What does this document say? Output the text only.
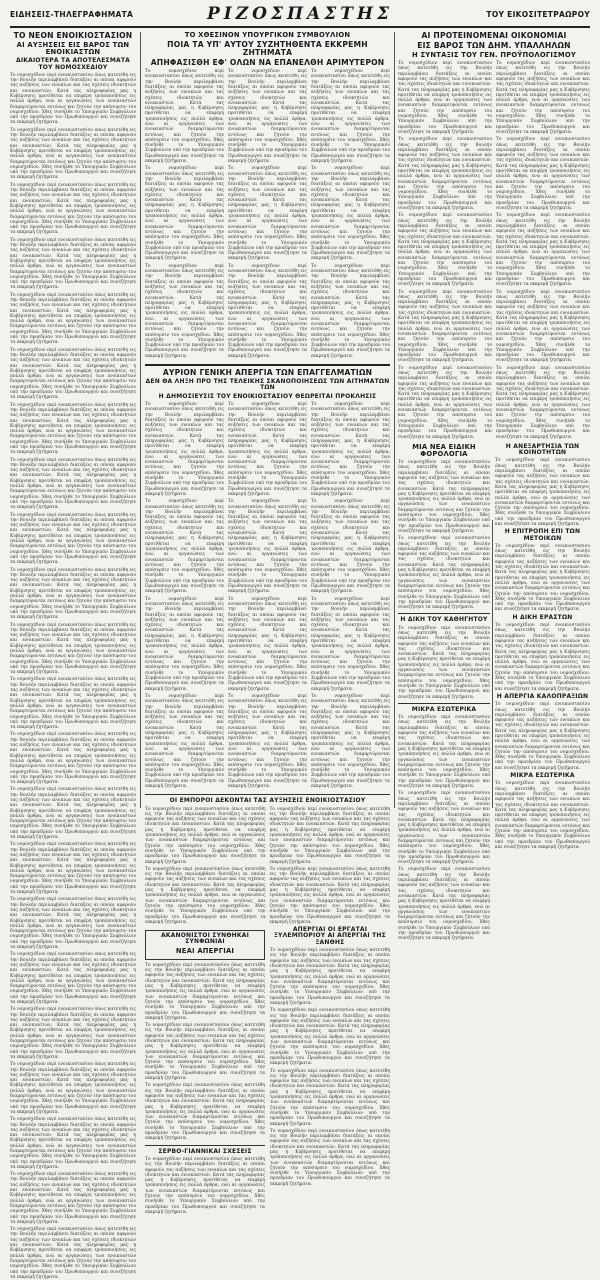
ΕΙΔΗΣΕΙΣ-ΤΗΛΕΓΡΑΦΗΜΑΤΑ	ΡΙΖΟΣΠΑΣΤΗΣ	ΤΟΥ ΕΙΚΟΣΙΤΕΤΡΑΩΡΟΥ
ΤΟ ΝΕΟΝ ΕΝΟΙΚΙΟΣΤΑΣΙΟΝ
ΑΙ ΑΥΞΗΣΕΙΣ ΕΙΣ ΒΑΡΟΣ ΤΩΝ ΕΝΟΙΚΙΑΣΤΩΝ
ΔΙΚΑΙΟΤΕΡΑ ΤΑ ΑΠΟΤΕΛΕΣΜΑΤΑ ΤΟΥ ΝΟΜΟΣΧΕΔΙΟΥ

Το νομοσχέδιον περί ενοικιοστασίου όπως κατετέθη εις την Βουλήν περιλαμβάνει διατάξεις αι οποίαι αφορούν τας αυξήσεις των ενοικίων και τας σχέσεις ιδιοκτητών και ενοικιαστών. Κατά τας πληροφορίας μας η Κυβέρνησις προτίθεται να επιφέρη τροποποιήσεις εις πολλά άρθρα, ενώ αι οργανώσεις των ενοικιαστών διαμαρτύρονται εντόνως και ζητούν την απόσυρσιν του νομοσχεδίου. Χθες συνήλθε το Υπουργικόν Συμβούλιον υπό την προεδρίαν του Πρωθυπουργού και συνεζήτησε τα εκκρεμή ζητήματα.

Το νομοσχέδιον περί ενοικιοστασίου όπως κατετέθη εις την Βουλήν περιλαμβάνει διατάξεις αι οποίαι αφορούν τας αυξήσεις των ενοικίων και τας σχέσεις ιδιοκτητών και ενοικιαστών. Κατά τας πληροφορίας μας η Κυβέρνησις προτίθεται να επιφέρη τροποποιήσεις εις πολλά άρθρα, ενώ αι οργανώσεις των ενοικιαστών διαμαρτύρονται εντόνως και ζητούν την απόσυρσιν του νομοσχεδίου. Χθες συνήλθε το Υπουργικόν Συμβούλιον υπό την προεδρίαν του Πρωθυπουργού και συνεζήτησε τα εκκρεμή ζητήματα.

Το νομοσχέδιον περί ενοικιοστασίου όπως κατετέθη εις την Βουλήν περιλαμβάνει διατάξεις αι οποίαι αφορούν τας αυξήσεις των ενοικίων και τας σχέσεις ιδιοκτητών και ενοικιαστών. Κατά τας πληροφορίας μας η Κυβέρνησις προτίθεται να επιφέρη τροποποιήσεις εις πολλά άρθρα, ενώ αι οργανώσεις των ενοικιαστών διαμαρτύρονται εντόνως και ζητούν την απόσυρσιν του νομοσχεδίου. Χθες συνήλθε το Υπουργικόν Συμβούλιον υπό την προεδρίαν του Πρωθυπουργού και συνεζήτησε τα εκκρεμή ζητήματα.

Το νομοσχέδιον περί ενοικιοστασίου όπως κατετέθη εις την Βουλήν περιλαμβάνει διατάξεις αι οποίαι αφορούν τας αυξήσεις των ενοικίων και τας σχέσεις ιδιοκτητών και ενοικιαστών. Κατά τας πληροφορίας μας η Κυβέρνησις προτίθεται να επιφέρη τροποποιήσεις εις πολλά άρθρα, ενώ αι οργανώσεις των ενοικιαστών διαμαρτύρονται εντόνως και ζητούν την απόσυρσιν του νομοσχεδίου. Χθες συνήλθε το Υπουργικόν Συμβούλιον υπό την προεδρίαν του Πρωθυπουργού και συνεζήτησε τα εκκρεμή ζητήματα.

Το νομοσχέδιον περί ενοικιοστασίου όπως κατετέθη εις την Βουλήν περιλαμβάνει διατάξεις αι οποίαι αφορούν τας αυξήσεις των ενοικίων και τας σχέσεις ιδιοκτητών και ενοικιαστών. Κατά τας πληροφορίας μας η Κυβέρνησις προτίθεται να επιφέρη τροποποιήσεις εις πολλά άρθρα, ενώ αι οργανώσεις των ενοικιαστών διαμαρτύρονται εντόνως και ζητούν την απόσυρσιν του νομοσχεδίου. Χθες συνήλθε το Υπουργικόν Συμβούλιον υπό την προεδρίαν του Πρωθυπουργού και συνεζήτησε τα εκκρεμή ζητήματα.

Το νομοσχέδιον περί ενοικιοστασίου όπως κατετέθη εις την Βουλήν περιλαμβάνει διατάξεις αι οποίαι αφορούν τας αυξήσεις των ενοικίων και τας σχέσεις ιδιοκτητών και ενοικιαστών. Κατά τας πληροφορίας μας η Κυβέρνησις προτίθεται να επιφέρη τροποποιήσεις εις πολλά άρθρα, ενώ αι οργανώσεις των ενοικιαστών διαμαρτύρονται εντόνως και ζητούν την απόσυρσιν του νομοσχεδίου. Χθες συνήλθε το Υπουργικόν Συμβούλιον υπό την προεδρίαν του Πρωθυπουργού και συνεζήτησε τα εκκρεμή ζητήματα.

Το νομοσχέδιον περί ενοικιοστασίου όπως κατετέθη εις την Βουλήν περιλαμβάνει διατάξεις αι οποίαι αφορούν τας αυξήσεις των ενοικίων και τας σχέσεις ιδιοκτητών και ενοικιαστών. Κατά τας πληροφορίας μας η Κυβέρνησις προτίθεται να επιφέρη τροποποιήσεις εις πολλά άρθρα, ενώ αι οργανώσεις των ενοικιαστών διαμαρτύρονται εντόνως και ζητούν την απόσυρσιν του νομοσχεδίου. Χθες συνήλθε το Υπουργικόν Συμβούλιον υπό την προεδρίαν του Πρωθυπουργού και συνεζήτησε τα εκκρεμή ζητήματα.

Το νομοσχέδιον περί ενοικιοστασίου όπως κατετέθη εις την Βουλήν περιλαμβάνει διατάξεις αι οποίαι αφορούν τας αυξήσεις των ενοικίων και τας σχέσεις ιδιοκτητών και ενοικιαστών. Κατά τας πληροφορίας μας η Κυβέρνησις προτίθεται να επιφέρη τροποποιήσεις εις πολλά άρθρα, ενώ αι οργανώσεις των ενοικιαστών διαμαρτύρονται εντόνως και ζητούν την απόσυρσιν του νομοσχεδίου. Χθες συνήλθε το Υπουργικόν Συμβούλιον υπό την προεδρίαν του Πρωθυπουργού και συνεζήτησε τα εκκρεμή ζητήματα.

Το νομοσχέδιον περί ενοικιοστασίου όπως κατετέθη εις την Βουλήν περιλαμβάνει διατάξεις αι οποίαι αφορούν τας αυξήσεις των ενοικίων και τας σχέσεις ιδιοκτητών και ενοικιαστών. Κατά τας πληροφορίας μας η Κυβέρνησις προτίθεται να επιφέρη τροποποιήσεις εις πολλά άρθρα, ενώ αι οργανώσεις των ενοικιαστών διαμαρτύρονται εντόνως και ζητούν την απόσυρσιν του νομοσχεδίου. Χθες συνήλθε το Υπουργικόν Συμβούλιον υπό την προεδρίαν του Πρωθυπουργού και συνεζήτησε τα εκκρεμή ζητήματα.

Το νομοσχέδιον περί ενοικιοστασίου όπως κατετέθη εις την Βουλήν περιλαμβάνει διατάξεις αι οποίαι αφορούν τας αυξήσεις των ενοικίων και τας σχέσεις ιδιοκτητών και ενοικιαστών. Κατά τας πληροφορίας μας η Κυβέρνησις προτίθεται να επιφέρη τροποποιήσεις εις πολλά άρθρα, ενώ αι οργανώσεις των ενοικιαστών διαμαρτύρονται εντόνως και ζητούν την απόσυρσιν του νομοσχεδίου. Χθες συνήλθε το Υπουργικόν Συμβούλιον υπό την προεδρίαν του Πρωθυπουργού και συνεζήτησε τα εκκρεμή ζητήματα.

Το νομοσχέδιον περί ενοικιοστασίου όπως κατετέθη εις την Βουλήν περιλαμβάνει διατάξεις αι οποίαι αφορούν τας αυξήσεις των ενοικίων και τας σχέσεις ιδιοκτητών και ενοικιαστών. Κατά τας πληροφορίας μας η Κυβέρνησις προτίθεται να επιφέρη τροποποιήσεις εις πολλά άρθρα, ενώ αι οργανώσεις των ενοικιαστών διαμαρτύρονται εντόνως και ζητούν την απόσυρσιν του νομοσχεδίου. Χθες συνήλθε το Υπουργικόν Συμβούλιον υπό την προεδρίαν του Πρωθυπουργού και συνεζήτησε τα εκκρεμή ζητήματα.

Το νομοσχέδιον περί ενοικιοστασίου όπως κατετέθη εις την Βουλήν περιλαμβάνει διατάξεις αι οποίαι αφορούν τας αυξήσεις των ενοικίων και τας σχέσεις ιδιοκτητών και ενοικιαστών. Κατά τας πληροφορίας μας η Κυβέρνησις προτίθεται να επιφέρη τροποποιήσεις εις πολλά άρθρα, ενώ αι οργανώσεις των ενοικιαστών διαμαρτύρονται εντόνως και ζητούν την απόσυρσιν του νομοσχεδίου. Χθες συνήλθε το Υπουργικόν Συμβούλιον υπό την προεδρίαν του Πρωθυπουργού και συνεζήτησε τα εκκρεμή ζητήματα.

Το νομοσχέδιον περί ενοικιοστασίου όπως κατετέθη εις την Βουλήν περιλαμβάνει διατάξεις αι οποίαι αφορούν τας αυξήσεις των ενοικίων και τας σχέσεις ιδιοκτητών και ενοικιαστών. Κατά τας πληροφορίας μας η Κυβέρνησις προτίθεται να επιφέρη τροποποιήσεις εις πολλά άρθρα, ενώ αι οργανώσεις των ενοικιαστών διαμαρτύρονται εντόνως και ζητούν την απόσυρσιν του νομοσχεδίου. Χθες συνήλθε το Υπουργικόν Συμβούλιον υπό την προεδρίαν του Πρωθυπουργού και συνεζήτησε τα εκκρεμή ζητήματα.

Το νομοσχέδιον περί ενοικιοστασίου όπως κατετέθη εις την Βουλήν περιλαμβάνει διατάξεις αι οποίαι αφορούν τας αυξήσεις των ενοικίων και τας σχέσεις ιδιοκτητών και ενοικιαστών. Κατά τας πληροφορίας μας η Κυβέρνησις προτίθεται να επιφέρη τροποποιήσεις εις πολλά άρθρα, ενώ αι οργανώσεις των ενοικιαστών διαμαρτύρονται εντόνως και ζητούν την απόσυρσιν του νομοσχεδίου. Χθες συνήλθε το Υπουργικόν Συμβούλιον υπό την προεδρίαν του Πρωθυπουργού και συνεζήτησε τα εκκρεμή ζητήματα.

Το νομοσχέδιον περί ενοικιοστασίου όπως κατετέθη εις την Βουλήν περιλαμβάνει διατάξεις αι οποίαι αφορούν τας αυξήσεις των ενοικίων και τας σχέσεις ιδιοκτητών και ενοικιαστών. Κατά τας πληροφορίας μας η Κυβέρνησις προτίθεται να επιφέρη τροποποιήσεις εις πολλά άρθρα, ενώ αι οργανώσεις των ενοικιαστών διαμαρτύρονται εντόνως και ζητούν την απόσυρσιν του νομοσχεδίου. Χθες συνήλθε το Υπουργικόν Συμβούλιον υπό την προεδρίαν του Πρωθυπουργού και συνεζήτησε τα εκκρεμή ζητήματα.

Το νομοσχέδιον περί ενοικιοστασίου όπως κατετέθη εις την Βουλήν περιλαμβάνει διατάξεις αι οποίαι αφορούν τας αυξήσεις των ενοικίων και τας σχέσεις ιδιοκτητών και ενοικιαστών. Κατά τας πληροφορίας μας η Κυβέρνησις προτίθεται να επιφέρη τροποποιήσεις εις πολλά άρθρα, ενώ αι οργανώσεις των ενοικιαστών διαμαρτύρονται εντόνως και ζητούν την απόσυρσιν του νομοσχεδίου. Χθες συνήλθε το Υπουργικόν Συμβούλιον υπό την προεδρίαν του Πρωθυπουργού και συνεζήτησε τα εκκρεμή ζητήματα.

Το νομοσχέδιον περί ενοικιοστασίου όπως κατετέθη εις την Βουλήν περιλαμβάνει διατάξεις αι οποίαι αφορούν τας αυξήσεις των ενοικίων και τας σχέσεις ιδιοκτητών και ενοικιαστών. Κατά τας πληροφορίας μας η Κυβέρνησις προτίθεται να επιφέρη τροποποιήσεις εις πολλά άρθρα, ενώ αι οργανώσεις των ενοικιαστών διαμαρτύρονται εντόνως και ζητούν την απόσυρσιν του νομοσχεδίου. Χθες συνήλθε το Υπουργικόν Συμβούλιον υπό την προεδρίαν του Πρωθυπουργού και συνεζήτησε τα εκκρεμή ζητήματα.

Το νομοσχέδιον περί ενοικιοστασίου όπως κατετέθη εις την Βουλήν περιλαμβάνει διατάξεις αι οποίαι αφορούν τας αυξήσεις των ενοικίων και τας σχέσεις ιδιοκτητών και ενοικιαστών. Κατά τας πληροφορίας μας η Κυβέρνησις προτίθεται να επιφέρη τροποποιήσεις εις πολλά άρθρα, ενώ αι οργανώσεις των ενοικιαστών διαμαρτύρονται εντόνως και ζητούν την απόσυρσιν του νομοσχεδίου. Χθες συνήλθε το Υπουργικόν Συμβούλιον υπό την προεδρίαν του Πρωθυπουργού και συνεζήτησε τα εκκρεμή ζητήματα.

Το νομοσχέδιον περί ενοικιοστασίου όπως κατετέθη εις την Βουλήν περιλαμβάνει διατάξεις αι οποίαι αφορούν τας αυξήσεις των ενοικίων και τας σχέσεις ιδιοκτητών και ενοικιαστών. Κατά τας πληροφορίας μας η Κυβέρνησις προτίθεται να επιφέρη τροποποιήσεις εις πολλά άρθρα, ενώ αι οργανώσεις των ενοικιαστών διαμαρτύρονται εντόνως και ζητούν την απόσυρσιν του νομοσχεδίου. Χθες συνήλθε το Υπουργικόν Συμβούλιον υπό την προεδρίαν του Πρωθυπουργού και συνεζήτησε τα εκκρεμή ζητήματα.

Το νομοσχέδιον περί ενοικιοστασίου όπως κατετέθη εις την Βουλήν περιλαμβάνει διατάξεις αι οποίαι αφορούν τας αυξήσεις των ενοικίων και τας σχέσεις ιδιοκτητών και ενοικιαστών. Κατά τας πληροφορίας μας η Κυβέρνησις προτίθεται να επιφέρη τροποποιήσεις εις πολλά άρθρα, ενώ αι οργανώσεις των ενοικιαστών διαμαρτύρονται εντόνως και ζητούν την απόσυρσιν του νομοσχεδίου. Χθες συνήλθε το Υπουργικόν Συμβούλιον υπό την προεδρίαν του Πρωθυπουργού και συνεζήτησε τα εκκρεμή ζητήματα.

Το νομοσχέδιον περί ενοικιοστασίου όπως κατετέθη εις την Βουλήν περιλαμβάνει διατάξεις αι οποίαι αφορούν τας αυξήσεις των ενοικίων και τας σχέσεις ιδιοκτητών και ενοικιαστών. Κατά τας πληροφορίας μας η Κυβέρνησις προτίθεται να επιφέρη τροποποιήσεις εις πολλά άρθρα, ενώ αι οργανώσεις των ενοικιαστών διαμαρτύρονται εντόνως και ζητούν την απόσυρσιν του νομοσχεδίου. Χθες συνήλθε το Υπουργικόν Συμβούλιον υπό την προεδρίαν του Πρωθυπουργού και συνεζήτησε τα εκκρεμή ζητήματα.

Το νομοσχέδιον περί ενοικιοστασίου όπως κατετέθη εις την Βουλήν περιλαμβάνει διατάξεις αι οποίαι αφορούν τας αυξήσεις των ενοικίων και τας σχέσεις ιδιοκτητών και ενοικιαστών. Κατά τας πληροφορίας μας η Κυβέρνησις προτίθεται να επιφέρη τροποποιήσεις εις πολλά άρθρα, ενώ αι οργανώσεις των ενοικιαστών διαμαρτύρονται εντόνως και ζητούν την απόσυρσιν του νομοσχεδίου. Χθες συνήλθε το Υπουργικόν Συμβούλιον υπό την προεδρίαν του Πρωθυπουργού και συνεζήτησε τα εκκρεμή ζητήματα.

ΤΟ ΧΘΕΣΙΝΟΝ ΥΠΟΥΡΓΙΚΟΝ ΣΥΜΒΟΥΛΙΟΝ
ΠΟΙΑ ΤΑ ΥΠ' ΑΥΤΟΥ ΣΥΖΗΤΗΘΕΝΤΑ ΕΚΚΡΕΜΗ ΖΗΤΗΜΑΤΑ
ΑΠΗΦΑΣΙΣΘΗ ΕΦ' ΟΛΩΝ ΝΑ ΕΠΑΝΕΛΘΗ ΑΡΙΜΥΤΕΡΟΝ

Το νομοσχέδιον περί ενοικιοστασίου όπως κατετέθη εις την Βουλήν περιλαμβάνει διατάξεις αι οποίαι αφορούν τας αυξήσεις των ενοικίων και τας σχέσεις ιδιοκτητών και ενοικιαστών. Κατά τας πληροφορίας μας η Κυβέρνησις προτίθεται να επιφέρη τροποποιήσεις εις πολλά άρθρα, ενώ αι οργανώσεις των ενοικιαστών διαμαρτύρονται εντόνως και ζητούν την απόσυρσιν του νομοσχεδίου. Χθες συνήλθε το Υπουργικόν Συμβούλιον υπό την προεδρίαν του Πρωθυπουργού και συνεζήτησε τα εκκρεμή ζητήματα.

Το νομοσχέδιον περί ενοικιοστασίου όπως κατετέθη εις την Βουλήν περιλαμβάνει διατάξεις αι οποίαι αφορούν τας αυξήσεις των ενοικίων και τας σχέσεις ιδιοκτητών και ενοικιαστών. Κατά τας πληροφορίας μας η Κυβέρνησις προτίθεται να επιφέρη τροποποιήσεις εις πολλά άρθρα, ενώ αι οργανώσεις των ενοικιαστών διαμαρτύρονται εντόνως και ζητούν την απόσυρσιν του νομοσχεδίου. Χθες συνήλθε το Υπουργικόν Συμβούλιον υπό την προεδρίαν του Πρωθυπουργού και συνεζήτησε τα εκκρεμή ζητήματα.

Το νομοσχέδιον περί ενοικιοστασίου όπως κατετέθη εις την Βουλήν περιλαμβάνει διατάξεις αι οποίαι αφορούν τας αυξήσεις των ενοικίων και τας σχέσεις ιδιοκτητών και ενοικιαστών. Κατά τας πληροφορίας μας η Κυβέρνησις προτίθεται να επιφέρη τροποποιήσεις εις πολλά άρθρα, ενώ αι οργανώσεις των ενοικιαστών διαμαρτύρονται εντόνως και ζητούν την απόσυρσιν του νομοσχεδίου. Χθες συνήλθε το Υπουργικόν Συμβούλιον υπό την προεδρίαν του Πρωθυπουργού και συνεζήτησε τα εκκρεμή ζητήματα.

Το νομοσχέδιον περί ενοικιοστασίου όπως κατετέθη εις την Βουλήν περιλαμβάνει διατάξεις αι οποίαι αφορούν τας αυξήσεις των ενοικίων και τας σχέσεις ιδιοκτητών και ενοικιαστών. Κατά τας πληροφορίας μας η Κυβέρνησις προτίθεται να επιφέρη τροποποιήσεις εις πολλά άρθρα, ενώ αι οργανώσεις των ενοικιαστών διαμαρτύρονται εντόνως και ζητούν την απόσυρσιν του νομοσχεδίου. Χθες συνήλθε το Υπουργικόν Συμβούλιον υπό την προεδρίαν του Πρωθυπουργού και συνεζήτησε τα εκκρεμή ζητήματα.

Το νομοσχέδιον περί ενοικιοστασίου όπως κατετέθη εις την Βουλήν περιλαμβάνει διατάξεις αι οποίαι αφορούν τας αυξήσεις των ενοικίων και τας σχέσεις ιδιοκτητών και ενοικιαστών. Κατά τας πληροφορίας μας η Κυβέρνησις προτίθεται να επιφέρη τροποποιήσεις εις πολλά άρθρα, ενώ αι οργανώσεις των ενοικιαστών διαμαρτύρονται εντόνως και ζητούν την απόσυρσιν του νομοσχεδίου. Χθες συνήλθε το Υπουργικόν Συμβούλιον υπό την προεδρίαν του Πρωθυπουργού και συνεζήτησε τα εκκρεμή ζητήματα.

Το νομοσχέδιον περί ενοικιοστασίου όπως κατετέθη εις την Βουλήν περιλαμβάνει διατάξεις αι οποίαι αφορούν τας αυξήσεις των ενοικίων και τας σχέσεις ιδιοκτητών και ενοικιαστών. Κατά τας πληροφορίας μας η Κυβέρνησις προτίθεται να επιφέρη τροποποιήσεις εις πολλά άρθρα, ενώ αι οργανώσεις των ενοικιαστών διαμαρτύρονται εντόνως και ζητούν την απόσυρσιν του νομοσχεδίου. Χθες συνήλθε το Υπουργικόν Συμβούλιον υπό την προεδρίαν του Πρωθυπουργού και συνεζήτησε τα εκκρεμή ζητήματα.

Το νομοσχέδιον περί ενοικιοστασίου όπως κατετέθη εις την Βουλήν περιλαμβάνει διατάξεις αι οποίαι αφορούν τας αυξήσεις των ενοικίων και τας σχέσεις ιδιοκτητών και ενοικιαστών. Κατά τας πληροφορίας μας η Κυβέρνησις προτίθεται να επιφέρη τροποποιήσεις εις πολλά άρθρα, ενώ αι οργανώσεις των ενοικιαστών διαμαρτύρονται εντόνως και ζητούν την απόσυρσιν του νομοσχεδίου. Χθες συνήλθε το Υπουργικόν Συμβούλιον υπό την προεδρίαν του Πρωθυπουργού και συνεζήτησε τα εκκρεμή ζητήματα.

Το νομοσχέδιον περί ενοικιοστασίου όπως κατετέθη εις την Βουλήν περιλαμβάνει διατάξεις αι οποίαι αφορούν τας αυξήσεις των ενοικίων και τας σχέσεις ιδιοκτητών και ενοικιαστών. Κατά τας πληροφορίας μας η Κυβέρνησις προτίθεται να επιφέρη τροποποιήσεις εις πολλά άρθρα, ενώ αι οργανώσεις των ενοικιαστών διαμαρτύρονται εντόνως και ζητούν την απόσυρσιν του νομοσχεδίου. Χθες συνήλθε το Υπουργικόν Συμβούλιον υπό την προεδρίαν του Πρωθυπουργού και συνεζήτησε τα εκκρεμή ζητήματα.

Το νομοσχέδιον περί ενοικιοστασίου όπως κατετέθη εις την Βουλήν περιλαμβάνει διατάξεις αι οποίαι αφορούν τας αυξήσεις των ενοικίων και τας σχέσεις ιδιοκτητών και ενοικιαστών. Κατά τας πληροφορίας μας η Κυβέρνησις προτίθεται να επιφέρη τροποποιήσεις εις πολλά άρθρα, ενώ αι οργανώσεις των ενοικιαστών διαμαρτύρονται εντόνως και ζητούν την απόσυρσιν του νομοσχεδίου. Χθες συνήλθε το Υπουργικόν Συμβούλιον υπό την προεδρίαν του Πρωθυπουργού και συνεζήτησε τα εκκρεμή ζητήματα.

ΑΥΡΙΟΝ ΓΕΝΙΚΗ ΑΠΕΡΓΙΑ ΤΩΝ ΕΠΑΓΓΕΛΜΑΤΙΩΝ
ΔΕΝ ΘΑ ΛΗΞΗ ΠΡΟ ΤΗΣ ΤΕΛΕΙΚΗΣ ΣΚΑΝΟΠΟΙΗΣΕΩΣ ΤΩΝ ΑΙΤΗΜΑΤΩΝ ΤΩΝ
Η ΔΗΜΟΣΙΕΥΣΙΣ ΤΟΥ ΕΝΟΙΚΙΟΣΤΑΣΙΟΥ ΘΕΩΡΕΙΤΑΙ ΠΡΟΚΛΗΣΙΣ

Το νομοσχέδιον περί ενοικιοστασίου όπως κατετέθη εις την Βουλήν περιλαμβάνει διατάξεις αι οποίαι αφορούν τας αυξήσεις των ενοικίων και τας σχέσεις ιδιοκτητών και ενοικιαστών. Κατά τας πληροφορίας μας η Κυβέρνησις προτίθεται να επιφέρη τροποποιήσεις εις πολλά άρθρα, ενώ αι οργανώσεις των ενοικιαστών διαμαρτύρονται εντόνως και ζητούν την απόσυρσιν του νομοσχεδίου. Χθες συνήλθε το Υπουργικόν Συμβούλιον υπό την προεδρίαν του Πρωθυπουργού και συνεζήτησε τα εκκρεμή ζητήματα.

Το νομοσχέδιον περί ενοικιοστασίου όπως κατετέθη εις την Βουλήν περιλαμβάνει διατάξεις αι οποίαι αφορούν τας αυξήσεις των ενοικίων και τας σχέσεις ιδιοκτητών και ενοικιαστών. Κατά τας πληροφορίας μας η Κυβέρνησις προτίθεται να επιφέρη τροποποιήσεις εις πολλά άρθρα, ενώ αι οργανώσεις των ενοικιαστών διαμαρτύρονται εντόνως και ζητούν την απόσυρσιν του νομοσχεδίου. Χθες συνήλθε το Υπουργικόν Συμβούλιον υπό την προεδρίαν του Πρωθυπουργού και συνεζήτησε τα εκκρεμή ζητήματα.

Το νομοσχέδιον περί ενοικιοστασίου όπως κατετέθη εις την Βουλήν περιλαμβάνει διατάξεις αι οποίαι αφορούν τας αυξήσεις των ενοικίων και τας σχέσεις ιδιοκτητών και ενοικιαστών. Κατά τας πληροφορίας μας η Κυβέρνησις προτίθεται να επιφέρη τροποποιήσεις εις πολλά άρθρα, ενώ αι οργανώσεις των ενοικιαστών διαμαρτύρονται εντόνως και ζητούν την απόσυρσιν του νομοσχεδίου. Χθες συνήλθε το Υπουργικόν Συμβούλιον υπό την προεδρίαν του Πρωθυπουργού και συνεζήτησε τα εκκρεμή ζητήματα.

Το νομοσχέδιον περί ενοικιοστασίου όπως κατετέθη εις την Βουλήν περιλαμβάνει διατάξεις αι οποίαι αφορούν τας αυξήσεις των ενοικίων και τας σχέσεις ιδιοκτητών και ενοικιαστών. Κατά τας πληροφορίας μας η Κυβέρνησις προτίθεται να επιφέρη τροποποιήσεις εις πολλά άρθρα, ενώ αι οργανώσεις των ενοικιαστών διαμαρτύρονται εντόνως και ζητούν την απόσυρσιν του νομοσχεδίου. Χθες συνήλθε το Υπουργικόν Συμβούλιον υπό την προεδρίαν του Πρωθυπουργού και συνεζήτησε τα εκκρεμή ζητήματα.

Το νομοσχέδιον περί ενοικιοστασίου όπως κατετέθη εις την Βουλήν περιλαμβάνει διατάξεις αι οποίαι αφορούν τας αυξήσεις των ενοικίων και τας σχέσεις ιδιοκτητών και ενοικιαστών. Κατά τας πληροφορίας μας η Κυβέρνησις προτίθεται να επιφέρη τροποποιήσεις εις πολλά άρθρα, ενώ αι οργανώσεις των ενοικιαστών διαμαρτύρονται εντόνως και ζητούν την απόσυρσιν του νομοσχεδίου. Χθες συνήλθε το Υπουργικόν Συμβούλιον υπό την προεδρίαν του Πρωθυπουργού και συνεζήτησε τα εκκρεμή ζητήματα.

Το νομοσχέδιον περί ενοικιοστασίου όπως κατετέθη εις την Βουλήν περιλαμβάνει διατάξεις αι οποίαι αφορούν τας αυξήσεις των ενοικίων και τας σχέσεις ιδιοκτητών και ενοικιαστών. Κατά τας πληροφορίας μας η Κυβέρνησις προτίθεται να επιφέρη τροποποιήσεις εις πολλά άρθρα, ενώ αι οργανώσεις των ενοικιαστών διαμαρτύρονται εντόνως και ζητούν την απόσυρσιν του νομοσχεδίου. Χθες συνήλθε το Υπουργικόν Συμβούλιον υπό την προεδρίαν του Πρωθυπουργού και συνεζήτησε τα εκκρεμή ζητήματα.

Το νομοσχέδιον περί ενοικιοστασίου όπως κατετέθη εις την Βουλήν περιλαμβάνει διατάξεις αι οποίαι αφορούν τας αυξήσεις των ενοικίων και τας σχέσεις ιδιοκτητών και ενοικιαστών. Κατά τας πληροφορίας μας η Κυβέρνησις προτίθεται να επιφέρη τροποποιήσεις εις πολλά άρθρα, ενώ αι οργανώσεις των ενοικιαστών διαμαρτύρονται εντόνως και ζητούν την απόσυρσιν του νομοσχεδίου. Χθες συνήλθε το Υπουργικόν Συμβούλιον υπό την προεδρίαν του Πρωθυπουργού και συνεζήτησε τα εκκρεμή ζητήματα.

Το νομοσχέδιον περί ενοικιοστασίου όπως κατετέθη εις την Βουλήν περιλαμβάνει διατάξεις αι οποίαι αφορούν τας αυξήσεις των ενοικίων και τας σχέσεις ιδιοκτητών και ενοικιαστών. Κατά τας πληροφορίας μας η Κυβέρνησις προτίθεται να επιφέρη τροποποιήσεις εις πολλά άρθρα, ενώ αι οργανώσεις των ενοικιαστών διαμαρτύρονται εντόνως και ζητούν την απόσυρσιν του νομοσχεδίου. Χθες συνήλθε το Υπουργικόν Συμβούλιον υπό την προεδρίαν του Πρωθυπουργού και συνεζήτησε τα εκκρεμή ζητήματα.

Το νομοσχέδιον περί ενοικιοστασίου όπως κατετέθη εις την Βουλήν περιλαμβάνει διατάξεις αι οποίαι αφορούν τας αυξήσεις των ενοικίων και τας σχέσεις ιδιοκτητών και ενοικιαστών. Κατά τας πληροφορίας μας η Κυβέρνησις προτίθεται να επιφέρη τροποποιήσεις εις πολλά άρθρα, ενώ αι οργανώσεις των ενοικιαστών διαμαρτύρονται εντόνως και ζητούν την απόσυρσιν του νομοσχεδίου. Χθες συνήλθε το Υπουργικόν Συμβούλιον υπό την προεδρίαν του Πρωθυπουργού και συνεζήτησε τα εκκρεμή ζητήματα.

Το νομοσχέδιον περί ενοικιοστασίου όπως κατετέθη εις την Βουλήν περιλαμβάνει διατάξεις αι οποίαι αφορούν τας αυξήσεις των ενοικίων και τας σχέσεις ιδιοκτητών και ενοικιαστών. Κατά τας πληροφορίας μας η Κυβέρνησις προτίθεται να επιφέρη τροποποιήσεις εις πολλά άρθρα, ενώ αι οργανώσεις των ενοικιαστών διαμαρτύρονται εντόνως και ζητούν την απόσυρσιν του νομοσχεδίου. Χθες συνήλθε το Υπουργικόν Συμβούλιον υπό την προεδρίαν του Πρωθυπουργού και συνεζήτησε τα εκκρεμή ζητήματα.

Το νομοσχέδιον περί ενοικιοστασίου όπως κατετέθη εις την Βουλήν περιλαμβάνει διατάξεις αι οποίαι αφορούν τας αυξήσεις των ενοικίων και τας σχέσεις ιδιοκτητών και ενοικιαστών. Κατά τας πληροφορίας μας η Κυβέρνησις προτίθεται να επιφέρη τροποποιήσεις εις πολλά άρθρα, ενώ αι οργανώσεις των ενοικιαστών διαμαρτύρονται εντόνως και ζητούν την απόσυρσιν του νομοσχεδίου. Χθες συνήλθε το Υπουργικόν Συμβούλιον υπό την προεδρίαν του Πρωθυπουργού και συνεζήτησε τα εκκρεμή ζητήματα.

Το νομοσχέδιον περί ενοικιοστασίου όπως κατετέθη εις την Βουλήν περιλαμβάνει διατάξεις αι οποίαι αφορούν τας αυξήσεις των ενοικίων και τας σχέσεις ιδιοκτητών και ενοικιαστών. Κατά τας πληροφορίας μας η Κυβέρνησις προτίθεται να επιφέρη τροποποιήσεις εις πολλά άρθρα, ενώ αι οργανώσεις των ενοικιαστών διαμαρτύρονται εντόνως και ζητούν την απόσυρσιν του νομοσχεδίου. Χθες συνήλθε το Υπουργικόν Συμβούλιον υπό την προεδρίαν του Πρωθυπουργού και συνεζήτησε τα εκκρεμή ζητήματα.

ΟΙ ΕΜΠΟΡΟΙ ΔΕΚΟΝΤΑΙ ΤΑΣ ΑΥΞΗΣΕΙΣ ΕΝΟΙΚΙΟΣΤΑΣΙΟΥ

Το νομοσχέδιον περί ενοικιοστασίου όπως κατετέθη εις την Βουλήν περιλαμβάνει διατάξεις αι οποίαι αφορούν τας αυξήσεις των ενοικίων και τας σχέσεις ιδιοκτητών και ενοικιαστών. Κατά τας πληροφορίας μας η Κυβέρνησις προτίθεται να επιφέρη τροποποιήσεις εις πολλά άρθρα, ενώ αι οργανώσεις των ενοικιαστών διαμαρτύρονται εντόνως και ζητούν την απόσυρσιν του νομοσχεδίου. Χθες συνήλθε το Υπουργικόν Συμβούλιον υπό την προεδρίαν του Πρωθυπουργού και συνεζήτησε τα εκκρεμή ζητήματα.

Το νομοσχέδιον περί ενοικιοστασίου όπως κατετέθη εις την Βουλήν περιλαμβάνει διατάξεις αι οποίαι αφορούν τας αυξήσεις των ενοικίων και τας σχέσεις ιδιοκτητών και ενοικιαστών. Κατά τας πληροφορίας μας η Κυβέρνησις προτίθεται να επιφέρη τροποποιήσεις εις πολλά άρθρα, ενώ αι οργανώσεις των ενοικιαστών διαμαρτύρονται εντόνως και ζητούν την απόσυρσιν του νομοσχεδίου. Χθες συνήλθε το Υπουργικόν Συμβούλιον υπό την προεδρίαν του Πρωθυπουργού και συνεζήτησε τα εκκρεμή ζητήματα.

Το νομοσχέδιον περί ενοικιοστασίου όπως κατετέθη εις την Βουλήν περιλαμβάνει διατάξεις αι οποίαι αφορούν τας αυξήσεις των ενοικίων και τας σχέσεις ιδιοκτητών και ενοικιαστών. Κατά τας πληροφορίας μας η Κυβέρνησις προτίθεται να επιφέρη τροποποιήσεις εις πολλά άρθρα, ενώ αι οργανώσεις των ενοικιαστών διαμαρτύρονται εντόνως και ζητούν την απόσυρσιν του νομοσχεδίου. Χθες συνήλθε το Υπουργικόν Συμβούλιον υπό την προεδρίαν του Πρωθυπουργού και συνεζήτησε τα εκκρεμή ζητήματα.

Το νομοσχέδιον περί ενοικιοστασίου όπως κατετέθη εις την Βουλήν περιλαμβάνει διατάξεις αι οποίαι αφορούν τας αυξήσεις των ενοικίων και τας σχέσεις ιδιοκτητών και ενοικιαστών. Κατά τας πληροφορίας μας η Κυβέρνησις προτίθεται να επιφέρη τροποποιήσεις εις πολλά άρθρα, ενώ αι οργανώσεις των ενοικιαστών διαμαρτύρονται εντόνως και ζητούν την απόσυρσιν του νομοσχεδίου. Χθες συνήλθε το Υπουργικόν Συμβούλιον υπό την προεδρίαν του Πρωθυπουργού και συνεζήτησε τα εκκρεμή ζητήματα.

ΑΚΑΝΟΝΙΣΤΟΙ ΣΥΝΘΗΚΑΙ ΣΥΝΦΩΝΙΑΙ
ΝΕΑΙ ΑΠΕΡΓΙΑΙ

Το νομοσχέδιον περί ενοικιοστασίου όπως κατετέθη εις την Βουλήν περιλαμβάνει διατάξεις αι οποίαι αφορούν τας αυξήσεις των ενοικίων και τας σχέσεις ιδιοκτητών και ενοικιαστών. Κατά τας πληροφορίας μας η Κυβέρνησις προτίθεται να επιφέρη τροποποιήσεις εις πολλά άρθρα, ενώ αι οργανώσεις των ενοικιαστών διαμαρτύρονται εντόνως και ζητούν την απόσυρσιν του νομοσχεδίου. Χθες συνήλθε το Υπουργικόν Συμβούλιον υπό την προεδρίαν του Πρωθυπουργού και συνεζήτησε τα εκκρεμή ζητήματα.

Το νομοσχέδιον περί ενοικιοστασίου όπως κατετέθη εις την Βουλήν περιλαμβάνει διατάξεις αι οποίαι αφορούν τας αυξήσεις των ενοικίων και τας σχέσεις ιδιοκτητών και ενοικιαστών. Κατά τας πληροφορίας μας η Κυβέρνησις προτίθεται να επιφέρη τροποποιήσεις εις πολλά άρθρα, ενώ αι οργανώσεις των ενοικιαστών διαμαρτύρονται εντόνως και ζητούν την απόσυρσιν του νομοσχεδίου. Χθες συνήλθε το Υπουργικόν Συμβούλιον υπό την προεδρίαν του Πρωθυπουργού και συνεζήτησε τα εκκρεμή ζητήματα.

Το νομοσχέδιον περί ενοικιοστασίου όπως κατετέθη εις την Βουλήν περιλαμβάνει διατάξεις αι οποίαι αφορούν τας αυξήσεις των ενοικίων και τας σχέσεις ιδιοκτητών και ενοικιαστών. Κατά τας πληροφορίας μας η Κυβέρνησις προτίθεται να επιφέρη τροποποιήσεις εις πολλά άρθρα, ενώ αι οργανώσεις των ενοικιαστών διαμαρτύρονται εντόνως και ζητούν την απόσυρσιν του νομοσχεδίου. Χθες συνήλθε το Υπουργικόν Συμβούλιον υπό την προεδρίαν του Πρωθυπουργού και συνεζήτησε τα εκκρεμή ζητήματα.

ΣΕΡΒΟ-ΓΙΑΝΝΙΚΑΙ ΣΧΕΣΕΙΣ

Το νομοσχέδιον περί ενοικιοστασίου όπως κατετέθη εις την Βουλήν περιλαμβάνει διατάξεις αι οποίαι αφορούν τας αυξήσεις των ενοικίων και τας σχέσεις ιδιοκτητών και ενοικιαστών. Κατά τας πληροφορίας μας η Κυβέρνησις προτίθεται να επιφέρη τροποποιήσεις εις πολλά άρθρα, ενώ αι οργανώσεις των ενοικιαστών διαμαρτύρονται εντόνως και ζητούν την απόσυρσιν του νομοσχεδίου. Χθες συνήλθε το Υπουργικόν Συμβούλιον υπό την προεδρίαν του Πρωθυπουργού και συνεζήτησε τα εκκρεμή ζητήματα.

ΑΠΕΡΓΙΑΙ ΟΙ ΕΡΓΑΤΑΙ ΞΥΛΕΜΠΟΡΙΟΥ ΑΙ ΑΠΕΡΓΙΑΙ ΤΗΣ ΞΑΝΘΗΣ

Το νομοσχέδιον περί ενοικιοστασίου όπως κατετέθη εις την Βουλήν περιλαμβάνει διατάξεις αι οποίαι αφορούν τας αυξήσεις των ενοικίων και τας σχέσεις ιδιοκτητών και ενοικιαστών. Κατά τας πληροφορίας μας η Κυβέρνησις προτίθεται να επιφέρη τροποποιήσεις εις πολλά άρθρα, ενώ αι οργανώσεις των ενοικιαστών διαμαρτύρονται εντόνως και ζητούν την απόσυρσιν του νομοσχεδίου. Χθες συνήλθε το Υπουργικόν Συμβούλιον υπό την προεδρίαν του Πρωθυπουργού και συνεζήτησε τα εκκρεμή ζητήματα.

Το νομοσχέδιον περί ενοικιοστασίου όπως κατετέθη εις την Βουλήν περιλαμβάνει διατάξεις αι οποίαι αφορούν τας αυξήσεις των ενοικίων και τας σχέσεις ιδιοκτητών και ενοικιαστών. Κατά τας πληροφορίας μας η Κυβέρνησις προτίθεται να επιφέρη τροποποιήσεις εις πολλά άρθρα, ενώ αι οργανώσεις των ενοικιαστών διαμαρτύρονται εντόνως και ζητούν την απόσυρσιν του νομοσχεδίου. Χθες συνήλθε το Υπουργικόν Συμβούλιον υπό την προεδρίαν του Πρωθυπουργού και συνεζήτησε τα εκκρεμή ζητήματα.

Το νομοσχέδιον περί ενοικιοστασίου όπως κατετέθη εις την Βουλήν περιλαμβάνει διατάξεις αι οποίαι αφορούν τας αυξήσεις των ενοικίων και τας σχέσεις ιδιοκτητών και ενοικιαστών. Κατά τας πληροφορίας μας η Κυβέρνησις προτίθεται να επιφέρη τροποποιήσεις εις πολλά άρθρα, ενώ αι οργανώσεις των ενοικιαστών διαμαρτύρονται εντόνως και ζητούν την απόσυρσιν του νομοσχεδίου. Χθες συνήλθε το Υπουργικόν Συμβούλιον υπό την προεδρίαν του Πρωθυπουργού και συνεζήτησε τα εκκρεμή ζητήματα.

Το νομοσχέδιον περί ενοικιοστασίου όπως κατετέθη εις την Βουλήν περιλαμβάνει διατάξεις αι οποίαι αφορούν τας αυξήσεις των ενοικίων και τας σχέσεις ιδιοκτητών και ενοικιαστών. Κατά τας πληροφορίας μας η Κυβέρνησις προτίθεται να επιφέρη τροποποιήσεις εις πολλά άρθρα, ενώ αι οργανώσεις των ενοικιαστών διαμαρτύρονται εντόνως και ζητούν την απόσυρσιν του νομοσχεδίου. Χθες συνήλθε το Υπουργικόν Συμβούλιον υπό την προεδρίαν του Πρωθυπουργού και συνεζήτησε τα εκκρεμή ζητήματα.

ΑΙ ΠΡΟΤΕΙΝΟΜΕΝΑΙ ΟΙΚΟΝΟΜΙΑΙ
ΕΙΣ ΒΑΡΟΣ ΤΩΝ ΔΗΜ. ΥΠΑΛΛΗΛΩΝ
Η ΣΥΝΤΑΞΙΣ ΤΟΥ ΓΕΝ. ΠΡΟΫΠΟΛΟΓΙΣΜΟΥ

Το νομοσχέδιον περί ενοικιοστασίου όπως κατετέθη εις την Βουλήν περιλαμβάνει διατάξεις αι οποίαι αφορούν τας αυξήσεις των ενοικίων και τας σχέσεις ιδιοκτητών και ενοικιαστών. Κατά τας πληροφορίας μας η Κυβέρνησις προτίθεται να επιφέρη τροποποιήσεις εις πολλά άρθρα, ενώ αι οργανώσεις των ενοικιαστών διαμαρτύρονται εντόνως και ζητούν την απόσυρσιν του νομοσχεδίου. Χθες συνήλθε το Υπουργικόν Συμβούλιον υπό την προεδρίαν του Πρωθυπουργού και συνεζήτησε τα εκκρεμή ζητήματα.

Το νομοσχέδιον περί ενοικιοστασίου όπως κατετέθη εις την Βουλήν περιλαμβάνει διατάξεις αι οποίαι αφορούν τας αυξήσεις των ενοικίων και τας σχέσεις ιδιοκτητών και ενοικιαστών. Κατά τας πληροφορίας μας η Κυβέρνησις προτίθεται να επιφέρη τροποποιήσεις εις πολλά άρθρα, ενώ αι οργανώσεις των ενοικιαστών διαμαρτύρονται εντόνως και ζητούν την απόσυρσιν του νομοσχεδίου. Χθες συνήλθε το Υπουργικόν Συμβούλιον υπό την προεδρίαν του Πρωθυπουργού και συνεζήτησε τα εκκρεμή ζητήματα.

Το νομοσχέδιον περί ενοικιοστασίου όπως κατετέθη εις την Βουλήν περιλαμβάνει διατάξεις αι οποίαι αφορούν τας αυξήσεις των ενοικίων και τας σχέσεις ιδιοκτητών και ενοικιαστών. Κατά τας πληροφορίας μας η Κυβέρνησις προτίθεται να επιφέρη τροποποιήσεις εις πολλά άρθρα, ενώ αι οργανώσεις των ενοικιαστών διαμαρτύρονται εντόνως και ζητούν την απόσυρσιν του νομοσχεδίου. Χθες συνήλθε το Υπουργικόν Συμβούλιον υπό την προεδρίαν του Πρωθυπουργού και συνεζήτησε τα εκκρεμή ζητήματα.

Το νομοσχέδιον περί ενοικιοστασίου όπως κατετέθη εις την Βουλήν περιλαμβάνει διατάξεις αι οποίαι αφορούν τας αυξήσεις των ενοικίων και τας σχέσεις ιδιοκτητών και ενοικιαστών. Κατά τας πληροφορίας μας η Κυβέρνησις προτίθεται να επιφέρη τροποποιήσεις εις πολλά άρθρα, ενώ αι οργανώσεις των ενοικιαστών διαμαρτύρονται εντόνως και ζητούν την απόσυρσιν του νομοσχεδίου. Χθες συνήλθε το Υπουργικόν Συμβούλιον υπό την προεδρίαν του Πρωθυπουργού και συνεζήτησε τα εκκρεμή ζητήματα.

Το νομοσχέδιον περί ενοικιοστασίου όπως κατετέθη εις την Βουλήν περιλαμβάνει διατάξεις αι οποίαι αφορούν τας αυξήσεις των ενοικίων και τας σχέσεις ιδιοκτητών και ενοικιαστών. Κατά τας πληροφορίας μας η Κυβέρνησις προτίθεται να επιφέρη τροποποιήσεις εις πολλά άρθρα, ενώ αι οργανώσεις των ενοικιαστών διαμαρτύρονται εντόνως και ζητούν την απόσυρσιν του νομοσχεδίου. Χθες συνήλθε το Υπουργικόν Συμβούλιον υπό την προεδρίαν του Πρωθυπουργού και συνεζήτησε τα εκκρεμή ζητήματα.

Το νομοσχέδιον περί ενοικιοστασίου όπως κατετέθη εις την Βουλήν περιλαμβάνει διατάξεις αι οποίαι αφορούν τας αυξήσεις των ενοικίων και τας σχέσεις ιδιοκτητών και ενοικιαστών. Κατά τας πληροφορίας μας η Κυβέρνησις προτίθεται να επιφέρη τροποποιήσεις εις πολλά άρθρα, ενώ αι οργανώσεις των ενοικιαστών διαμαρτύρονται εντόνως και ζητούν την απόσυρσιν του νομοσχεδίου. Χθες συνήλθε το Υπουργικόν Συμβούλιον υπό την προεδρίαν του Πρωθυπουργού και συνεζήτησε τα εκκρεμή ζητήματα.

Το νομοσχέδιον περί ενοικιοστασίου όπως κατετέθη εις την Βουλήν περιλαμβάνει διατάξεις αι οποίαι αφορούν τας αυξήσεις των ενοικίων και τας σχέσεις ιδιοκτητών και ενοικιαστών. Κατά τας πληροφορίας μας η Κυβέρνησις προτίθεται να επιφέρη τροποποιήσεις εις πολλά άρθρα, ενώ αι οργανώσεις των ενοικιαστών διαμαρτύρονται εντόνως και ζητούν την απόσυρσιν του νομοσχεδίου. Χθες συνήλθε το Υπουργικόν Συμβούλιον υπό την προεδρίαν του Πρωθυπουργού και συνεζήτησε τα εκκρεμή ζητήματα.

Το νομοσχέδιον περί ενοικιοστασίου όπως κατετέθη εις την Βουλήν περιλαμβάνει διατάξεις αι οποίαι αφορούν τας αυξήσεις των ενοικίων και τας σχέσεις ιδιοκτητών και ενοικιαστών. Κατά τας πληροφορίας μας η Κυβέρνησις προτίθεται να επιφέρη τροποποιήσεις εις πολλά άρθρα, ενώ αι οργανώσεις των ενοικιαστών διαμαρτύρονται εντόνως και ζητούν την απόσυρσιν του νομοσχεδίου. Χθες συνήλθε το Υπουργικόν Συμβούλιον υπό την προεδρίαν του Πρωθυπουργού και συνεζήτησε τα εκκρεμή ζητήματα.

Το νομοσχέδιον περί ενοικιοστασίου όπως κατετέθη εις την Βουλήν περιλαμβάνει διατάξεις αι οποίαι αφορούν τας αυξήσεις των ενοικίων και τας σχέσεις ιδιοκτητών και ενοικιαστών. Κατά τας πληροφορίας μας η Κυβέρνησις προτίθεται να επιφέρη τροποποιήσεις εις πολλά άρθρα, ενώ αι οργανώσεις των ενοικιαστών διαμαρτύρονται εντόνως και ζητούν την απόσυρσιν του νομοσχεδίου. Χθες συνήλθε το Υπουργικόν Συμβούλιον υπό την προεδρίαν του Πρωθυπουργού και συνεζήτησε τα εκκρεμή ζητήματα.

Το νομοσχέδιον περί ενοικιοστασίου όπως κατετέθη εις την Βουλήν περιλαμβάνει διατάξεις αι οποίαι αφορούν τας αυξήσεις των ενοικίων και τας σχέσεις ιδιοκτητών και ενοικιαστών. Κατά τας πληροφορίας μας η Κυβέρνησις προτίθεται να επιφέρη τροποποιήσεις εις πολλά άρθρα, ενώ αι οργανώσεις των ενοικιαστών διαμαρτύρονται εντόνως και ζητούν την απόσυρσιν του νομοσχεδίου. Χθες συνήλθε το Υπουργικόν Συμβούλιον υπό την προεδρίαν του Πρωθυπουργού και συνεζήτησε τα εκκρεμή ζητήματα.

ΜΙΑ ΝΕΑ ΕΙΔΙΚΗ ΦΟΡΟΛΟΓΙΑ

Το νομοσχέδιον περί ενοικιοστασίου όπως κατετέθη εις την Βουλήν περιλαμβάνει διατάξεις αι οποίαι αφορούν τας αυξήσεις των ενοικίων και τας σχέσεις ιδιοκτητών και ενοικιαστών. Κατά τας πληροφορίας μας η Κυβέρνησις προτίθεται να επιφέρη τροποποιήσεις εις πολλά άρθρα, ενώ αι οργανώσεις των ενοικιαστών διαμαρτύρονται εντόνως και ζητούν την απόσυρσιν του νομοσχεδίου. Χθες συνήλθε το Υπουργικόν Συμβούλιον υπό την προεδρίαν του Πρωθυπουργού και συνεζήτησε τα εκκρεμή ζητήματα.

Το νομοσχέδιον περί ενοικιοστασίου όπως κατετέθη εις την Βουλήν περιλαμβάνει διατάξεις αι οποίαι αφορούν τας αυξήσεις των ενοικίων και τας σχέσεις ιδιοκτητών και ενοικιαστών. Κατά τας πληροφορίας μας η Κυβέρνησις προτίθεται να επιφέρη τροποποιήσεις εις πολλά άρθρα, ενώ αι οργανώσεις των ενοικιαστών διαμαρτύρονται εντόνως και ζητούν την απόσυρσιν του νομοσχεδίου. Χθες συνήλθε το Υπουργικόν Συμβούλιον υπό την προεδρίαν του Πρωθυπουργού και συνεζήτησε τα εκκρεμή ζητήματα.

Η ΔΙΚΗ ΤΟΥ ΚΑΘΗΓΗΤΟΥ

Το νομοσχέδιον περί ενοικιοστασίου όπως κατετέθη εις την Βουλήν περιλαμβάνει διατάξεις αι οποίαι αφορούν τας αυξήσεις των ενοικίων και τας σχέσεις ιδιοκτητών και ενοικιαστών. Κατά τας πληροφορίας μας η Κυβέρνησις προτίθεται να επιφέρη τροποποιήσεις εις πολλά άρθρα, ενώ αι οργανώσεις των ενοικιαστών διαμαρτύρονται εντόνως και ζητούν την απόσυρσιν του νομοσχεδίου. Χθες συνήλθε το Υπουργικόν Συμβούλιον υπό την προεδρίαν του Πρωθυπουργού και συνεζήτησε τα εκκρεμή ζητήματα.

ΜΙΚΡΑ ΕΣΩΤΕΡΙΚΑ

Το νομοσχέδιον περί ενοικιοστασίου όπως κατετέθη εις την Βουλήν περιλαμβάνει διατάξεις αι οποίαι αφορούν τας αυξήσεις των ενοικίων και τας σχέσεις ιδιοκτητών και ενοικιαστών. Κατά τας πληροφορίας μας η Κυβέρνησις προτίθεται να επιφέρη τροποποιήσεις εις πολλά άρθρα, ενώ αι οργανώσεις των ενοικιαστών διαμαρτύρονται εντόνως και ζητούν την απόσυρσιν του νομοσχεδίου. Χθες συνήλθε το Υπουργικόν Συμβούλιον υπό την προεδρίαν του Πρωθυπουργού και συνεζήτησε τα εκκρεμή ζητήματα.

Το νομοσχέδιον περί ενοικιοστασίου όπως κατετέθη εις την Βουλήν περιλαμβάνει διατάξεις αι οποίαι αφορούν τας αυξήσεις των ενοικίων και τας σχέσεις ιδιοκτητών και ενοικιαστών. Κατά τας πληροφορίας μας η Κυβέρνησις προτίθεται να επιφέρη τροποποιήσεις εις πολλά άρθρα, ενώ αι οργανώσεις των ενοικιαστών διαμαρτύρονται εντόνως και ζητούν την απόσυρσιν του νομοσχεδίου. Χθες συνήλθε το Υπουργικόν Συμβούλιον υπό την προεδρίαν του Πρωθυπουργού και συνεζήτησε τα εκκρεμή ζητήματα.

Το νομοσχέδιον περί ενοικιοστασίου όπως κατετέθη εις την Βουλήν περιλαμβάνει διατάξεις αι οποίαι αφορούν τας αυξήσεις των ενοικίων και τας σχέσεις ιδιοκτητών και ενοικιαστών. Κατά τας πληροφορίας μας η Κυβέρνησις προτίθεται να επιφέρη τροποποιήσεις εις πολλά άρθρα, ενώ αι οργανώσεις των ενοικιαστών διαμαρτύρονται εντόνως και ζητούν την απόσυρσιν του νομοσχεδίου. Χθες συνήλθε το Υπουργικόν Συμβούλιον υπό την προεδρίαν του Πρωθυπουργού και συνεζήτησε τα εκκρεμή ζητήματα.

Η ΑΝΕΞΑΡΤΗΣΙΑ ΤΩΝ ΚΟΙΝΟΤΗΤΩΝ

Το νομοσχέδιον περί ενοικιοστασίου όπως κατετέθη εις την Βουλήν περιλαμβάνει διατάξεις αι οποίαι αφορούν τας αυξήσεις των ενοικίων και τας σχέσεις ιδιοκτητών και ενοικιαστών. Κατά τας πληροφορίας μας η Κυβέρνησις προτίθεται να επιφέρη τροποποιήσεις εις πολλά άρθρα, ενώ αι οργανώσεις των ενοικιαστών διαμαρτύρονται εντόνως και ζητούν την απόσυρσιν του νομοσχεδίου. Χθες συνήλθε το Υπουργικόν Συμβούλιον υπό την προεδρίαν του Πρωθυπουργού και συνεζήτησε τα εκκρεμή ζητήματα.

Η ΕΠΙΤΡΟΠΗ ΕΠΙ ΤΩΝ ΜΕΤΟΙΚΩΝ

Το νομοσχέδιον περί ενοικιοστασίου όπως κατετέθη εις την Βουλήν περιλαμβάνει διατάξεις αι οποίαι αφορούν τας αυξήσεις των ενοικίων και τας σχέσεις ιδιοκτητών και ενοικιαστών. Κατά τας πληροφορίας μας η Κυβέρνησις προτίθεται να επιφέρη τροποποιήσεις εις πολλά άρθρα, ενώ αι οργανώσεις των ενοικιαστών διαμαρτύρονται εντόνως και ζητούν την απόσυρσιν του νομοσχεδίου. Χθες συνήλθε το Υπουργικόν Συμβούλιον υπό την προεδρίαν του Πρωθυπουργού και συνεζήτησε τα εκκρεμή ζητήματα.

Η ΔΙΚΗ ΕΡΑΣΤΩΝ

Το νομοσχέδιον περί ενοικιοστασίου όπως κατετέθη εις την Βουλήν περιλαμβάνει διατάξεις αι οποίαι αφορούν τας αυξήσεις των ενοικίων και τας σχέσεις ιδιοκτητών και ενοικιαστών. Κατά τας πληροφορίας μας η Κυβέρνησις προτίθεται να επιφέρη τροποποιήσεις εις πολλά άρθρα, ενώ αι οργανώσεις των ενοικιαστών διαμαρτύρονται εντόνως και ζητούν την απόσυρσιν του νομοσχεδίου. Χθες συνήλθε το Υπουργικόν Συμβούλιον υπό την προεδρίαν του Πρωθυπουργού και συνεζήτησε τα εκκρεμή ζητήματα.

Η ΑΠΕΡΓΙΑ ΚΑΛΟΠΡΑΞΙΩΝ

Το νομοσχέδιον περί ενοικιοστασίου όπως κατετέθη εις την Βουλήν περιλαμβάνει διατάξεις αι οποίαι αφορούν τας αυξήσεις των ενοικίων και τας σχέσεις ιδιοκτητών και ενοικιαστών. Κατά τας πληροφορίας μας η Κυβέρνησις προτίθεται να επιφέρη τροποποιήσεις εις πολλά άρθρα, ενώ αι οργανώσεις των ενοικιαστών διαμαρτύρονται εντόνως και ζητούν την απόσυρσιν του νομοσχεδίου. Χθες συνήλθε το Υπουργικόν Συμβούλιον υπό την προεδρίαν του Πρωθυπουργού και συνεζήτησε τα εκκρεμή ζητήματα.

ΜΙΚΡΑ ΕΣΩΤΕΡΙΚΑ

Το νομοσχέδιον περί ενοικιοστασίου όπως κατετέθη εις την Βουλήν περιλαμβάνει διατάξεις αι οποίαι αφορούν τας αυξήσεις των ενοικίων και τας σχέσεις ιδιοκτητών και ενοικιαστών. Κατά τας πληροφορίας μας η Κυβέρνησις προτίθεται να επιφέρη τροποποιήσεις εις πολλά άρθρα, ενώ αι οργανώσεις των ενοικιαστών διαμαρτύρονται εντόνως και ζητούν την απόσυρσιν του νομοσχεδίου. Χθες συνήλθε το Υπουργικόν Συμβούλιον υπό την προεδρίαν του Πρωθυπουργού και συνεζήτησε τα εκκρεμή ζητήματα.
